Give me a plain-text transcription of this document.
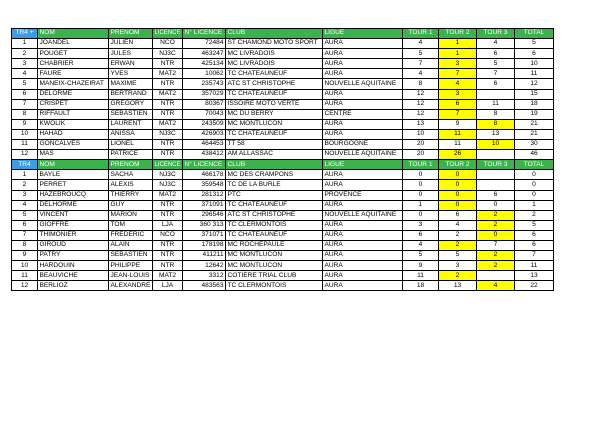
TR4 +	NOM	PRENOM	LICENCE	N° LICENCE	CLUB	LIGUE	TOUR 1	TOUR 2	TOUR 3	TOTAL
1	JOANDEL	JULIEN	NCO	72484	ST CHAMOND MOTO SPORT	AURA	4	1	4	5
2	POUGET	JULES	NJ3C	463247	MC LIVRADOIS	AURA	5	1	6	6
3	CHABRIER	ERWAN	NTR	425134	MC LIVRADOIS	AURA	7	3	5	10
4	FAURE	YVES	MAT2	10062	TC CHATEAUNEUF	AURA	4	7	7	11
5	MANEIX-CHAZEIRAT	MAXIME	NTR	235743	ATC ST CHRISTOPHE	NOUVELLE AQUITAINE	8	4	6	12
6	DELORME	BERTRAND	MAT2	357029	TC CHATEAUNEUF	AURA	12	3		15
7	CRISPET	GREGORY	NTR	80367	ISSOIRE MOTO VERTE	AURA	12	6	11	18
8	RIFFAULT	SEBASTIEN	NTR	70043	MC DU BERRY	CENTRE	12	7	8	19
9	KWOLIK	LAURENT	MAT2	243509	MC MONTLUCON	AURA	13	9	8	21
10	HAHAD	ANISSA	NJ3C	426903	TC CHATEAUNEUF	AURA	10	11	13	21
11	GONCALVES	LIONEL	NTR	464453	TT 58	BOURGOGNE	20	11	10	30
12	MAS	PATRICE	NTR	438412	AM ALLASSAC	NOUVELLE AQUITAINE	20	26		46
TR4	NOM	PRENOM	LICENCE	N° LICENCE	CLUB	LIGUE	TOUR 1	TOUR 2	TOUR 3	TOTAL
1	BAYLE	SACHA	NJ3C	466178	MC DES CRAMPONS	AURA	0	0		0
2	PERRET	ALEXIS	NJ3C	359548	TC DE LA BURLE	AURA	0	0		0
3	HAZEBROUCQ	THIERRY	MAT2	281312	PTC	PROVENCE	0	0	6	0
4	DELHORME	GUY	NTR	371091	TC CHATEAUNEUF	AURA	1	0	0	1
5	VINCENT	MARION	NTR	296546	ATC ST CHRISTOPHE	NOUVELLE AQUITAINE	0	6	2	2
6	GIOFFRE	TOM	LJA	360 313	TC CLERMONTOIS	AURA	3	4	2	5
7	THIMONIER	FREDERIC	NCO	371071	TC CHATEAUNEUF	AURA	6	2	0	6
8	GIROUD	ALAIN	NTR	178198	MC ROCHEPAULE	AURA	4	2	7	6
9	PATRY	SEBASTIEN	NTR	411211	MC MONTLUCON	AURA	5	5	2	7
10	HARDOUIN	PHILIPPE	NTR	12642	MC MONTLUCON	AURA	9	3	2	11
11	BEAUVICHE	JEAN-LOUIS	MAT2	3312	COTIERE TRIAL CLUB	AURA	11	2		13
12	BERLIOZ	ALEXANDRE	LJA	483563	TC CLERMONTOIS	AURA	18	13	4	22
